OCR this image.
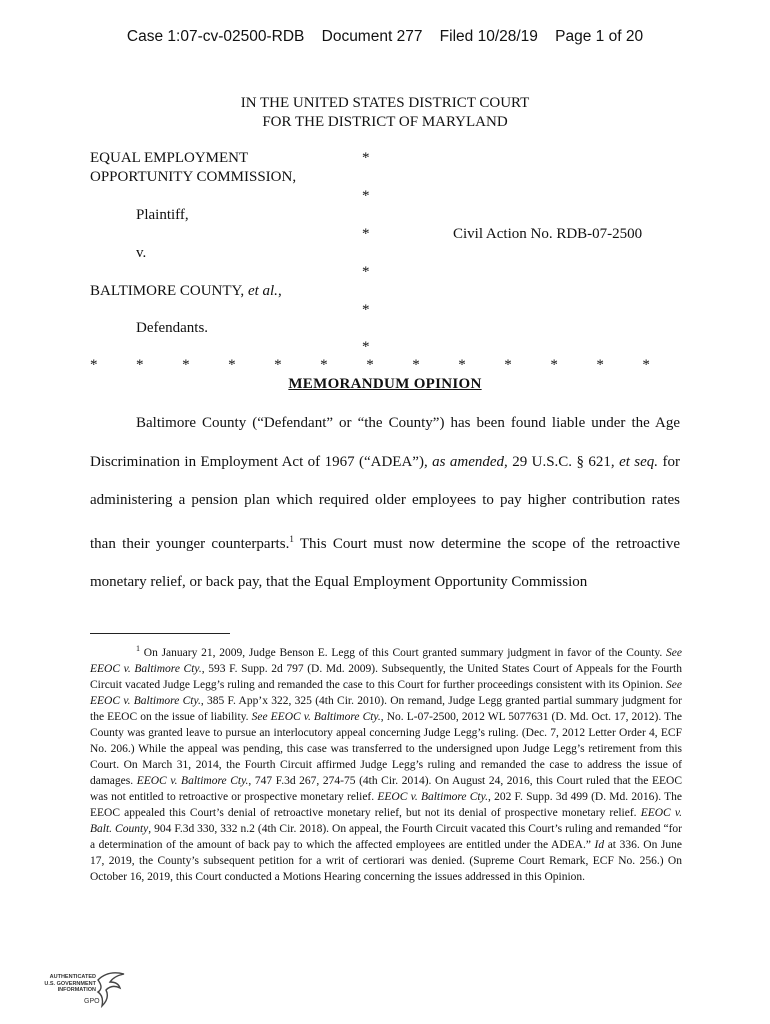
Case 1:07-cv-02500-RDB Document 277 Filed 10/28/19 Page 1 of 20
IN THE UNITED STATES DISTRICT COURT
FOR THE DISTRICT OF MARYLAND
EQUAL EMPLOYMENT
OPPORTUNITY COMMISSION,
Plaintiff,
v.
BALTIMORE COUNTY, et al.,
Defendants.
Civil Action No. RDB-07-2500
*
*
*
*
*
*
*	*	*	*	*	*	*	*	*	*	*	*	*
MEMORANDUM OPINION

Baltimore County (“Defendant” or “the County”) has been found liable under the Age Discrimination in Employment Act of 1967 (“ADEA”), as amended, 29 U.S.C. § 621, et seq. for administering a pension plan which required older employees to pay higher contribution rates than their younger counterparts.$^1$ This Court must now determine the scope of the retroactive monetary relief, or back pay, that the Equal Employment Opportunity Commission

$^1$ On January 21, 2009, Judge Benson E. Legg of this Court granted summary judgment in favor of the County. See EEOC v. Baltimore Cty., 593 F. Supp. 2d 797 (D. Md. 2009). Subsequently, the United States Court of Appeals for the Fourth Circuit vacated Judge Legg’s ruling and remanded the case to this Court for further proceedings consistent with its Opinion. See EEOC v. Baltimore Cty., 385 F. App’x 322, 325 (4th Cir. 2010). On remand, Judge Legg granted partial summary judgment for the EEOC on the issue of liability. See EEOC v. Baltimore Cty., No. L-07-2500, 2012 WL 5077631 (D. Md. Oct. 17, 2012). The County was granted leave to pursue an interlocutory appeal concerning Judge Legg’s ruling. (Dec. 7, 2012 Letter Order 4, ECF No. 206.) While the appeal was pending, this case was transferred to the undersigned upon Judge Legg’s retirement from this Court. On March 31, 2014, the Fourth Circuit affirmed Judge Legg’s ruling and remanded the case to address the issue of damages. EEOC v. Baltimore Cty., 747 F.3d 267, 274-75 (4th Cir. 2014). On August 24, 2016, this Court ruled that the EEOC was not entitled to retroactive or prospective monetary relief. EEOC v. Baltimore Cty., 202 F. Supp. 3d 499 (D. Md. 2016). The EEOC appealed this Court’s denial of retroactive monetary relief, but not its denial of prospective monetary relief. EEOC v. Balt. County, 904 F.3d 330, 332 n.2 (4th Cir. 2018). On appeal, the Fourth Circuit vacated this Court’s ruling and remanded “for a determination of the amount of back pay to which the affected employees are entitled under the ADEA.” Id at 336. On June 17, 2019, the County’s subsequent petition for a writ of certiorari was denied. (Supreme Court Remark, ECF No. 256.) On October 16, 2019, this Court conducted a Motions Hearing concerning the issues addressed in this Opinion.

AUTHENTICATED
U.S. GOVERNMENT
INFORMATION
GPO
